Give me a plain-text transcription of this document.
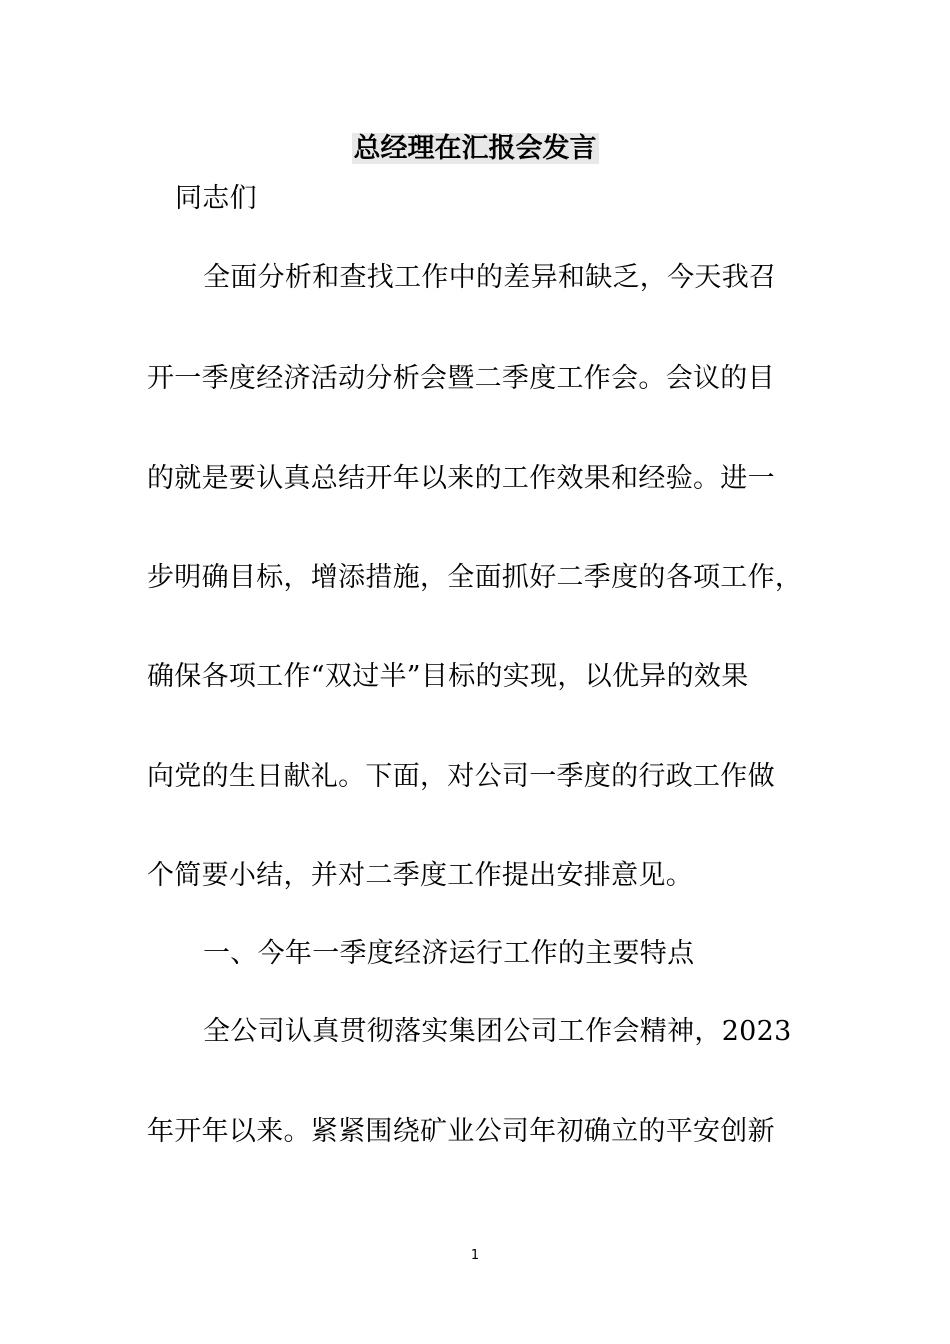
总经理在汇报会发言
同志们
全面分析和查找工作中的差异和缺乏，今天我召
开一季度经济活动分析会暨二季度工作会。会议的目
的就是要认真总结开年以来的工作效果和经验。进一
步明确目标，增添措施，全面抓好二季度的各项工作，
确保各项工作“双过半”目标的实现，以优异的效果
向党的生日献礼。下面，对公司一季度的行政工作做
个简要小结，并对二季度工作提出安排意见。
一、今年一季度经济运行工作的主要特点
全公司认真贯彻落实集团公司工作会精神，2023
年开年以来。紧紧围绕矿业公司年初确立的平安创新
1
